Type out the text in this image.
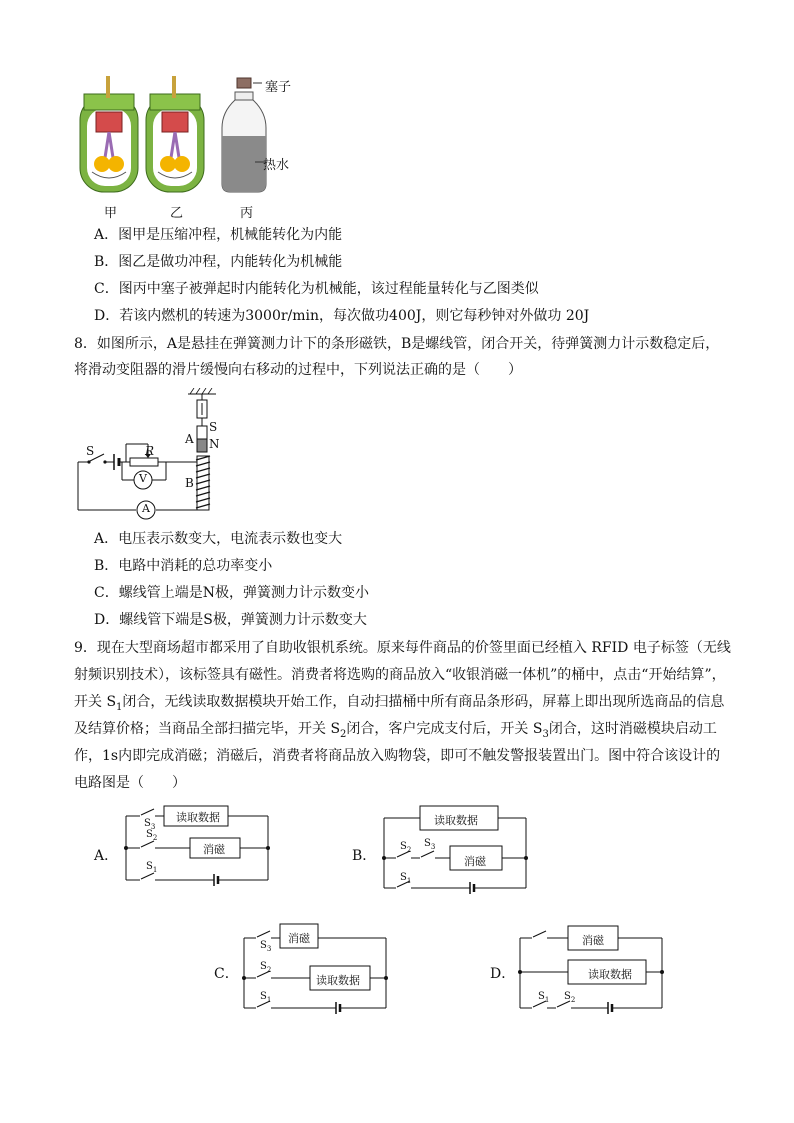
塞子
热水
甲	乙	丙
A．图甲是压缩冲程，机械能转化为内能
B．图乙是做功冲程，内能转化为机械能
C．图丙中塞子被弹起时内能转化为机械能，该过程能量转化与乙图类似
D．若该内燃机的转速为3000r/min，每次做功400J，则它每秒钟对外做功 20J
8．如图所示，A是悬挂在弹簧测力计下的条形磁铁，B是螺线管，闭合开关，待弹簧测力计示数稳定后，
将滑动变阻器的滑片缓慢向右移动的过程中，下列说法正确的是（　　）
S	R
V
A
A
B
S
N
A．电压表示数变大，电流表示数也变大
B．电路中消耗的总功率变小
C．螺线管上端是N极，弹簧测力计示数变小
D．螺线管下端是S极，弹簧测力计示数变大
9．现在大型商场超市都采用了自助收银机系统。原来每件商品的价签里面已经植入 RFID 电子标签（无线
射频识别技术），该标签具有磁性。消费者将选购的商品放入“收银消磁一体机”的桶中，点击“开始结算”，
开关 $S_1$闭合，无线读取数据模块开始工作，自动扫描桶中所有商品条形码，屏幕上即出现所选商品的信息
及结算价格；当商品全部扫描完毕，开关 $S_2$闭合，客户完成支付后，开关 $S_3$闭合，这时消磁模块启动工
作，1s内即完成消磁；消磁后，消费者将商品放入购物袋，即可不触发警报装置出门。图中符合该设计的
电路图是（　　）
A．
读取数据
消磁
$S_3$
$S_2$
$S_1$
B．
读取数据
消磁
$S_2$
$S_3$
$S_1$
C．
消磁
读取数据
$S_3$
$S_2$
$S_1$
D．
消磁
读取数据
$S_1$ $S_2$
